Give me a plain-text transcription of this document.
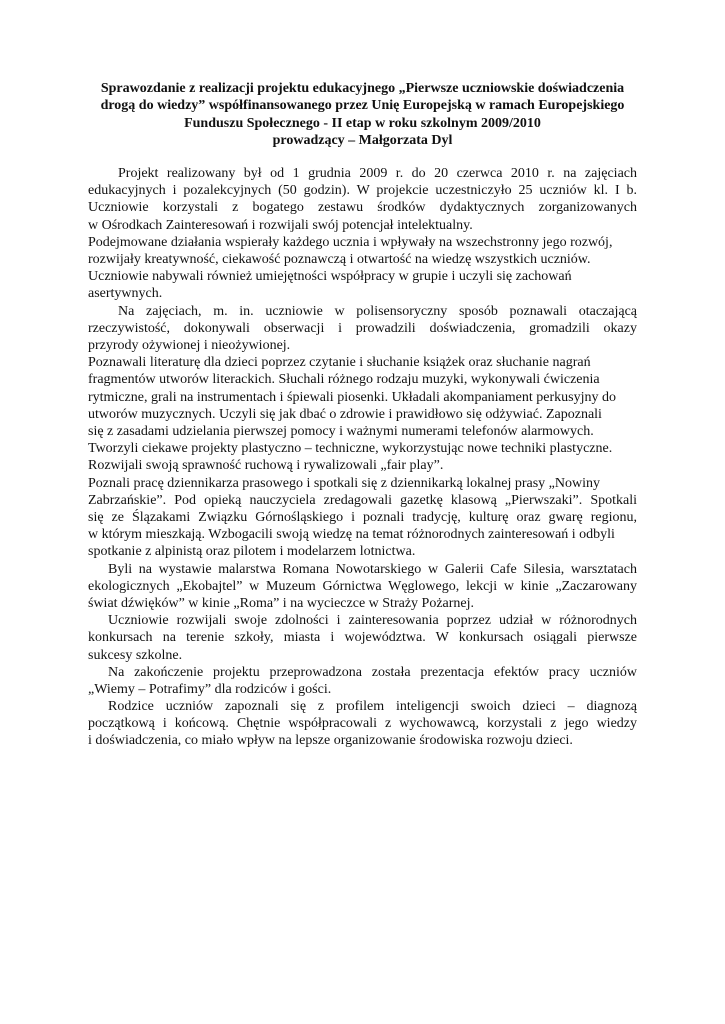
Sprawozdanie z realizacji projektu edukacyjnego „Pierwsze uczniowskie doświadczenia
drogą do wiedzy” współfinansowanego przez Unię Europejską w ramach Europejskiego
Funduszu Społecznego - II etap w roku szkolnym 2009/2010
prowadzący – Małgorzata Dyl

Projekt realizowany był od 1 grudnia 2009 r. do 20 czerwca 2010 r. na zajęciach
edukacyjnych i pozalekcyjnych (50 godzin). W projekcie uczestniczyło 25 uczniów kl. I b.
Uczniowie korzystali z bogatego zestawu środków dydaktycznych zorganizowanych
w Ośrodkach Zainteresowań i rozwijali swój potencjał intelektualny.

Podejmowane działania wspierały każdego ucznia i wpływały na wszechstronny jego rozwój,
rozwijały kreatywność, ciekawość poznawczą i otwartość na wiedzę wszystkich uczniów.

Uczniowie nabywali również umiejętności współpracy w grupie i uczyli się zachowań
asertywnych.

Na zajęciach, m. in. uczniowie w polisensoryczny sposób poznawali otaczającą
rzeczywistość, dokonywali obserwacji i prowadzili doświadczenia, gromadzili okazy
przyrody ożywionej i nieożywionej.

Poznawali literaturę dla dzieci poprzez czytanie i słuchanie książek oraz słuchanie nagrań
fragmentów utworów literackich. Słuchali różnego rodzaju muzyki, wykonywali ćwiczenia
rytmiczne, grali na instrumentach i śpiewali piosenki. Układali akompaniament perkusyjny do
utworów muzycznych. Uczyli się jak dbać o zdrowie i prawidłowo się odżywiać. Zapoznali
się z zasadami udzielania pierwszej pomocy i ważnymi numerami telefonów alarmowych.
Tworzyli ciekawe projekty plastyczno – techniczne, wykorzystując nowe techniki plastyczne.
Rozwijali swoją sprawność ruchową i rywalizowali „fair play”.

Poznali pracę dziennikarza prasowego i spotkali się z dziennikarką lokalnej prasy „Nowiny
Zabrzańskie”. Pod opieką nauczyciela zredagowali gazetkę klasową „Pierwszaki”. Spotkali
się ze Ślązakami Związku Górnośląskiego i poznali tradycję, kulturę oraz gwarę regionu,
w którym mieszkają. Wzbogacili swoją wiedzę na temat różnorodnych zainteresowań i odbyli
spotkanie z alpinistą oraz pilotem i modelarzem lotnictwa.

Byli na wystawie malarstwa Romana Nowotarskiego w Galerii Cafe Silesia, warsztatach
ekologicznych „Ekobajtel” w Muzeum Górnictwa Węglowego, lekcji w kinie „Zaczarowany
świat dźwięków” w kinie „Roma” i na wycieczce w Straży Pożarnej.

Uczniowie rozwijali swoje zdolności i zainteresowania poprzez udział w różnorodnych
konkursach na terenie szkoły, miasta i województwa. W konkursach osiągali pierwsze
sukcesy szkolne.

Na zakończenie projektu przeprowadzona została prezentacja efektów pracy uczniów
„Wiemy – Potrafimy” dla rodziców i gości.

Rodzice uczniów zapoznali się z profilem inteligencji swoich dzieci – diagnozą
początkową i końcową. Chętnie współpracowali z wychowawcą, korzystali z jego wiedzy
i doświadczenia, co miało wpływ na lepsze organizowanie środowiska rozwoju dzieci.
